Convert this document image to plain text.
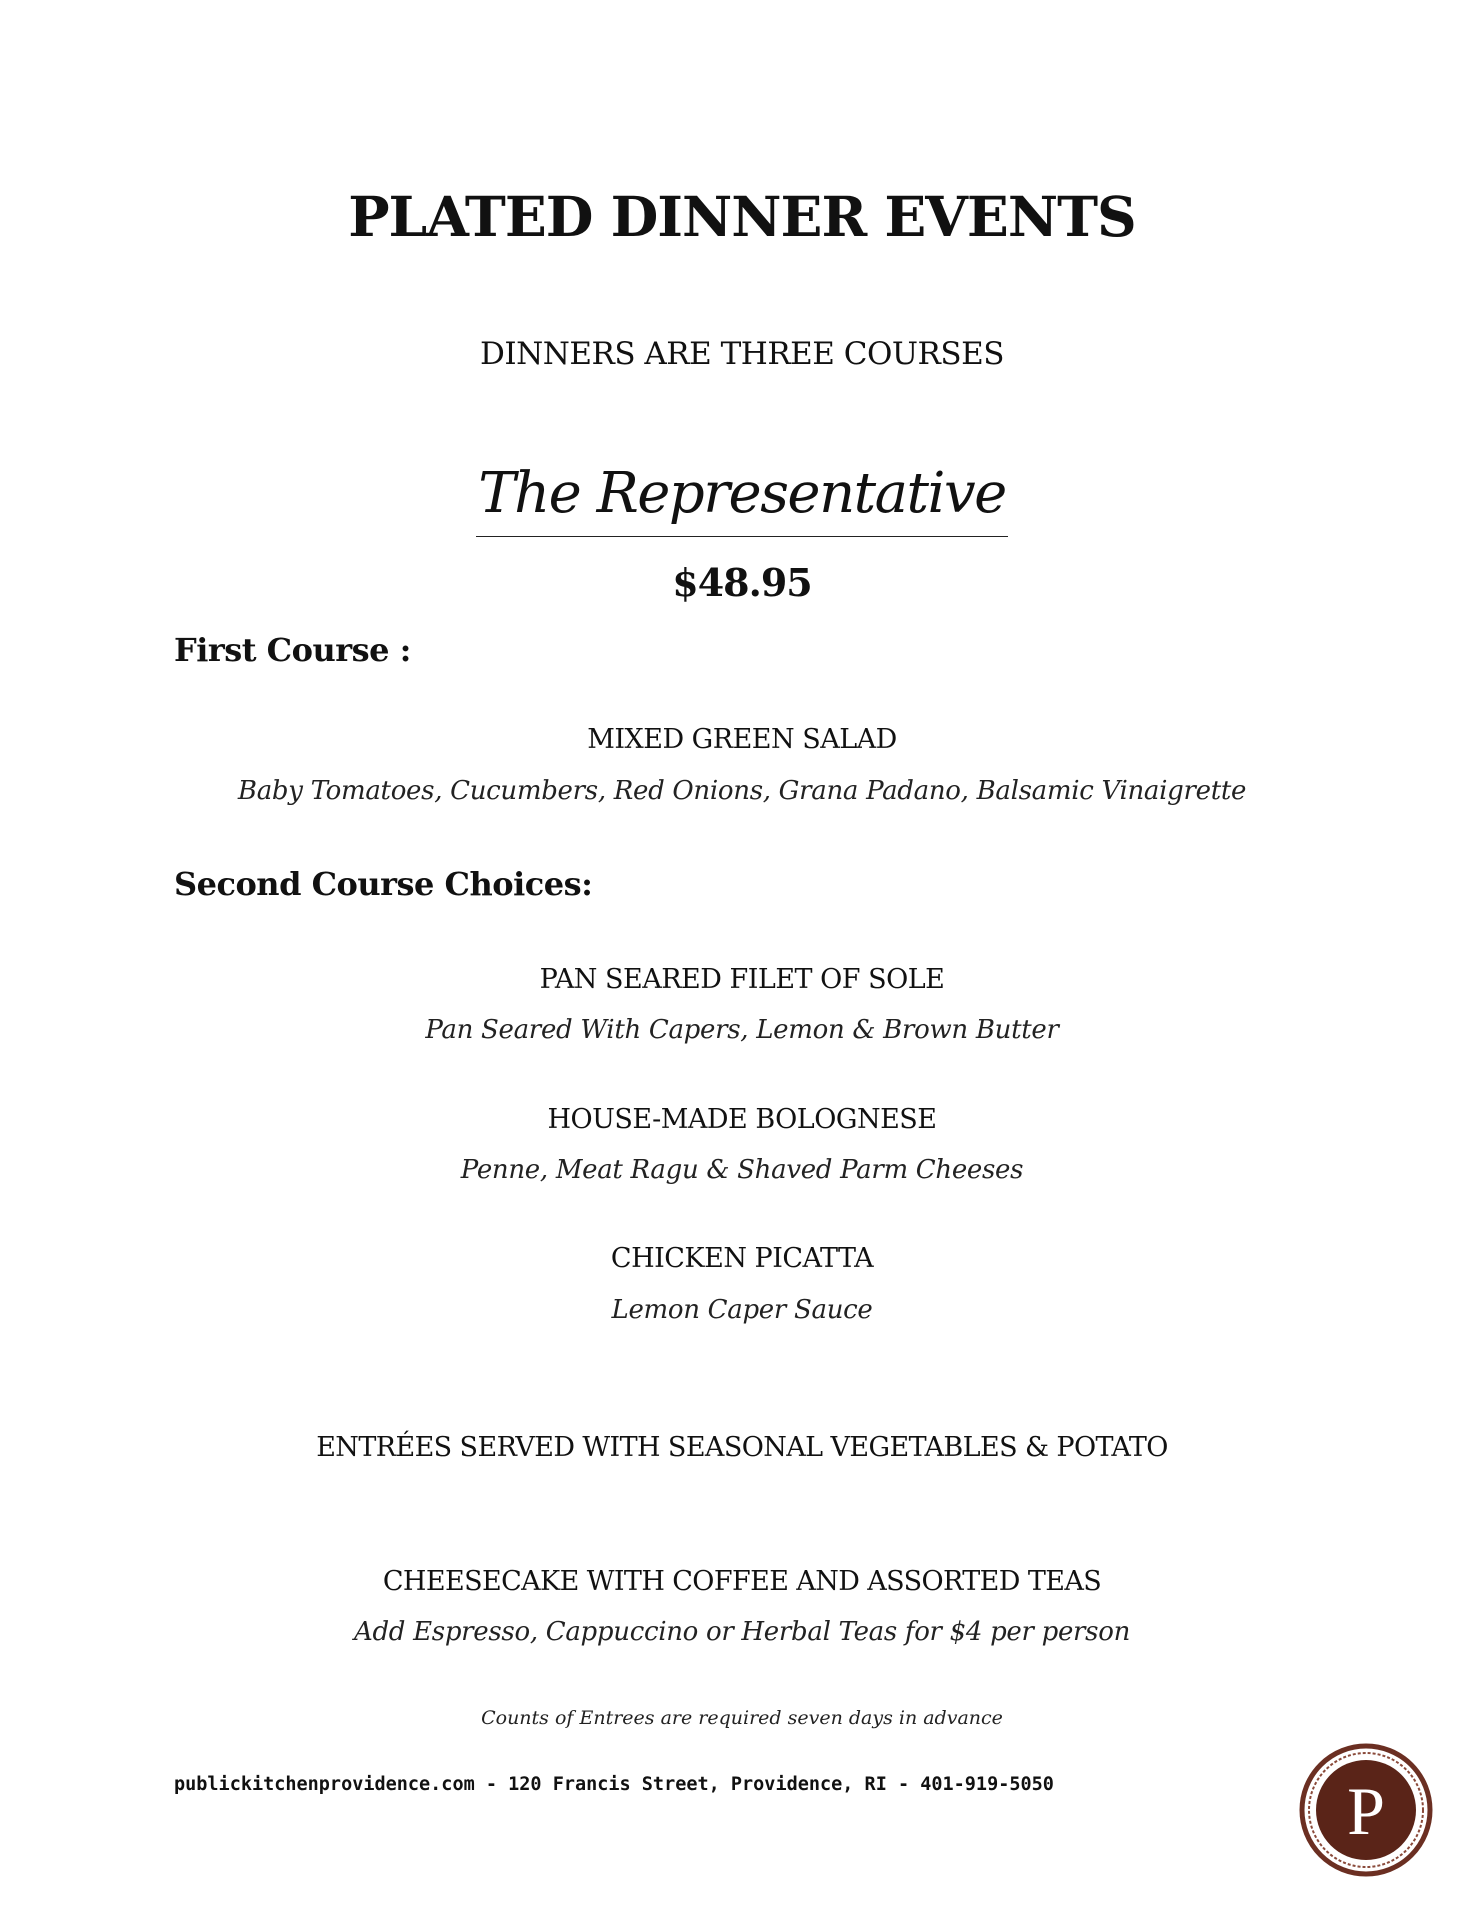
PLATED DINNER EVENTS
DINNERS ARE THREE COURSES
The Representative
$48.95
First Course :
MIXED GREEN SALAD
Baby Tomatoes, Cucumbers, Red Onions, Grana Padano, Balsamic Vinaigrette
Second Course Choices:
PAN SEARED FILET OF SOLE
Pan Seared With Capers, Lemon & Brown Butter
HOUSE-MADE BOLOGNESE
Penne, Meat Ragu & Shaved Parm Cheeses
CHICKEN PICATTA
Lemon Caper Sauce
ENTRÉES SERVED WITH SEASONAL VEGETABLES & POTATO
CHEESECAKE WITH COFFEE AND ASSORTED TEAS
Add Espresso, Cappuccino or Herbal Teas for $4 per person
Counts of Entrees are required seven days in advance
publickitchenprovidence.com - 120 Francis Street, Providence, RI - 401-919-5050	P
